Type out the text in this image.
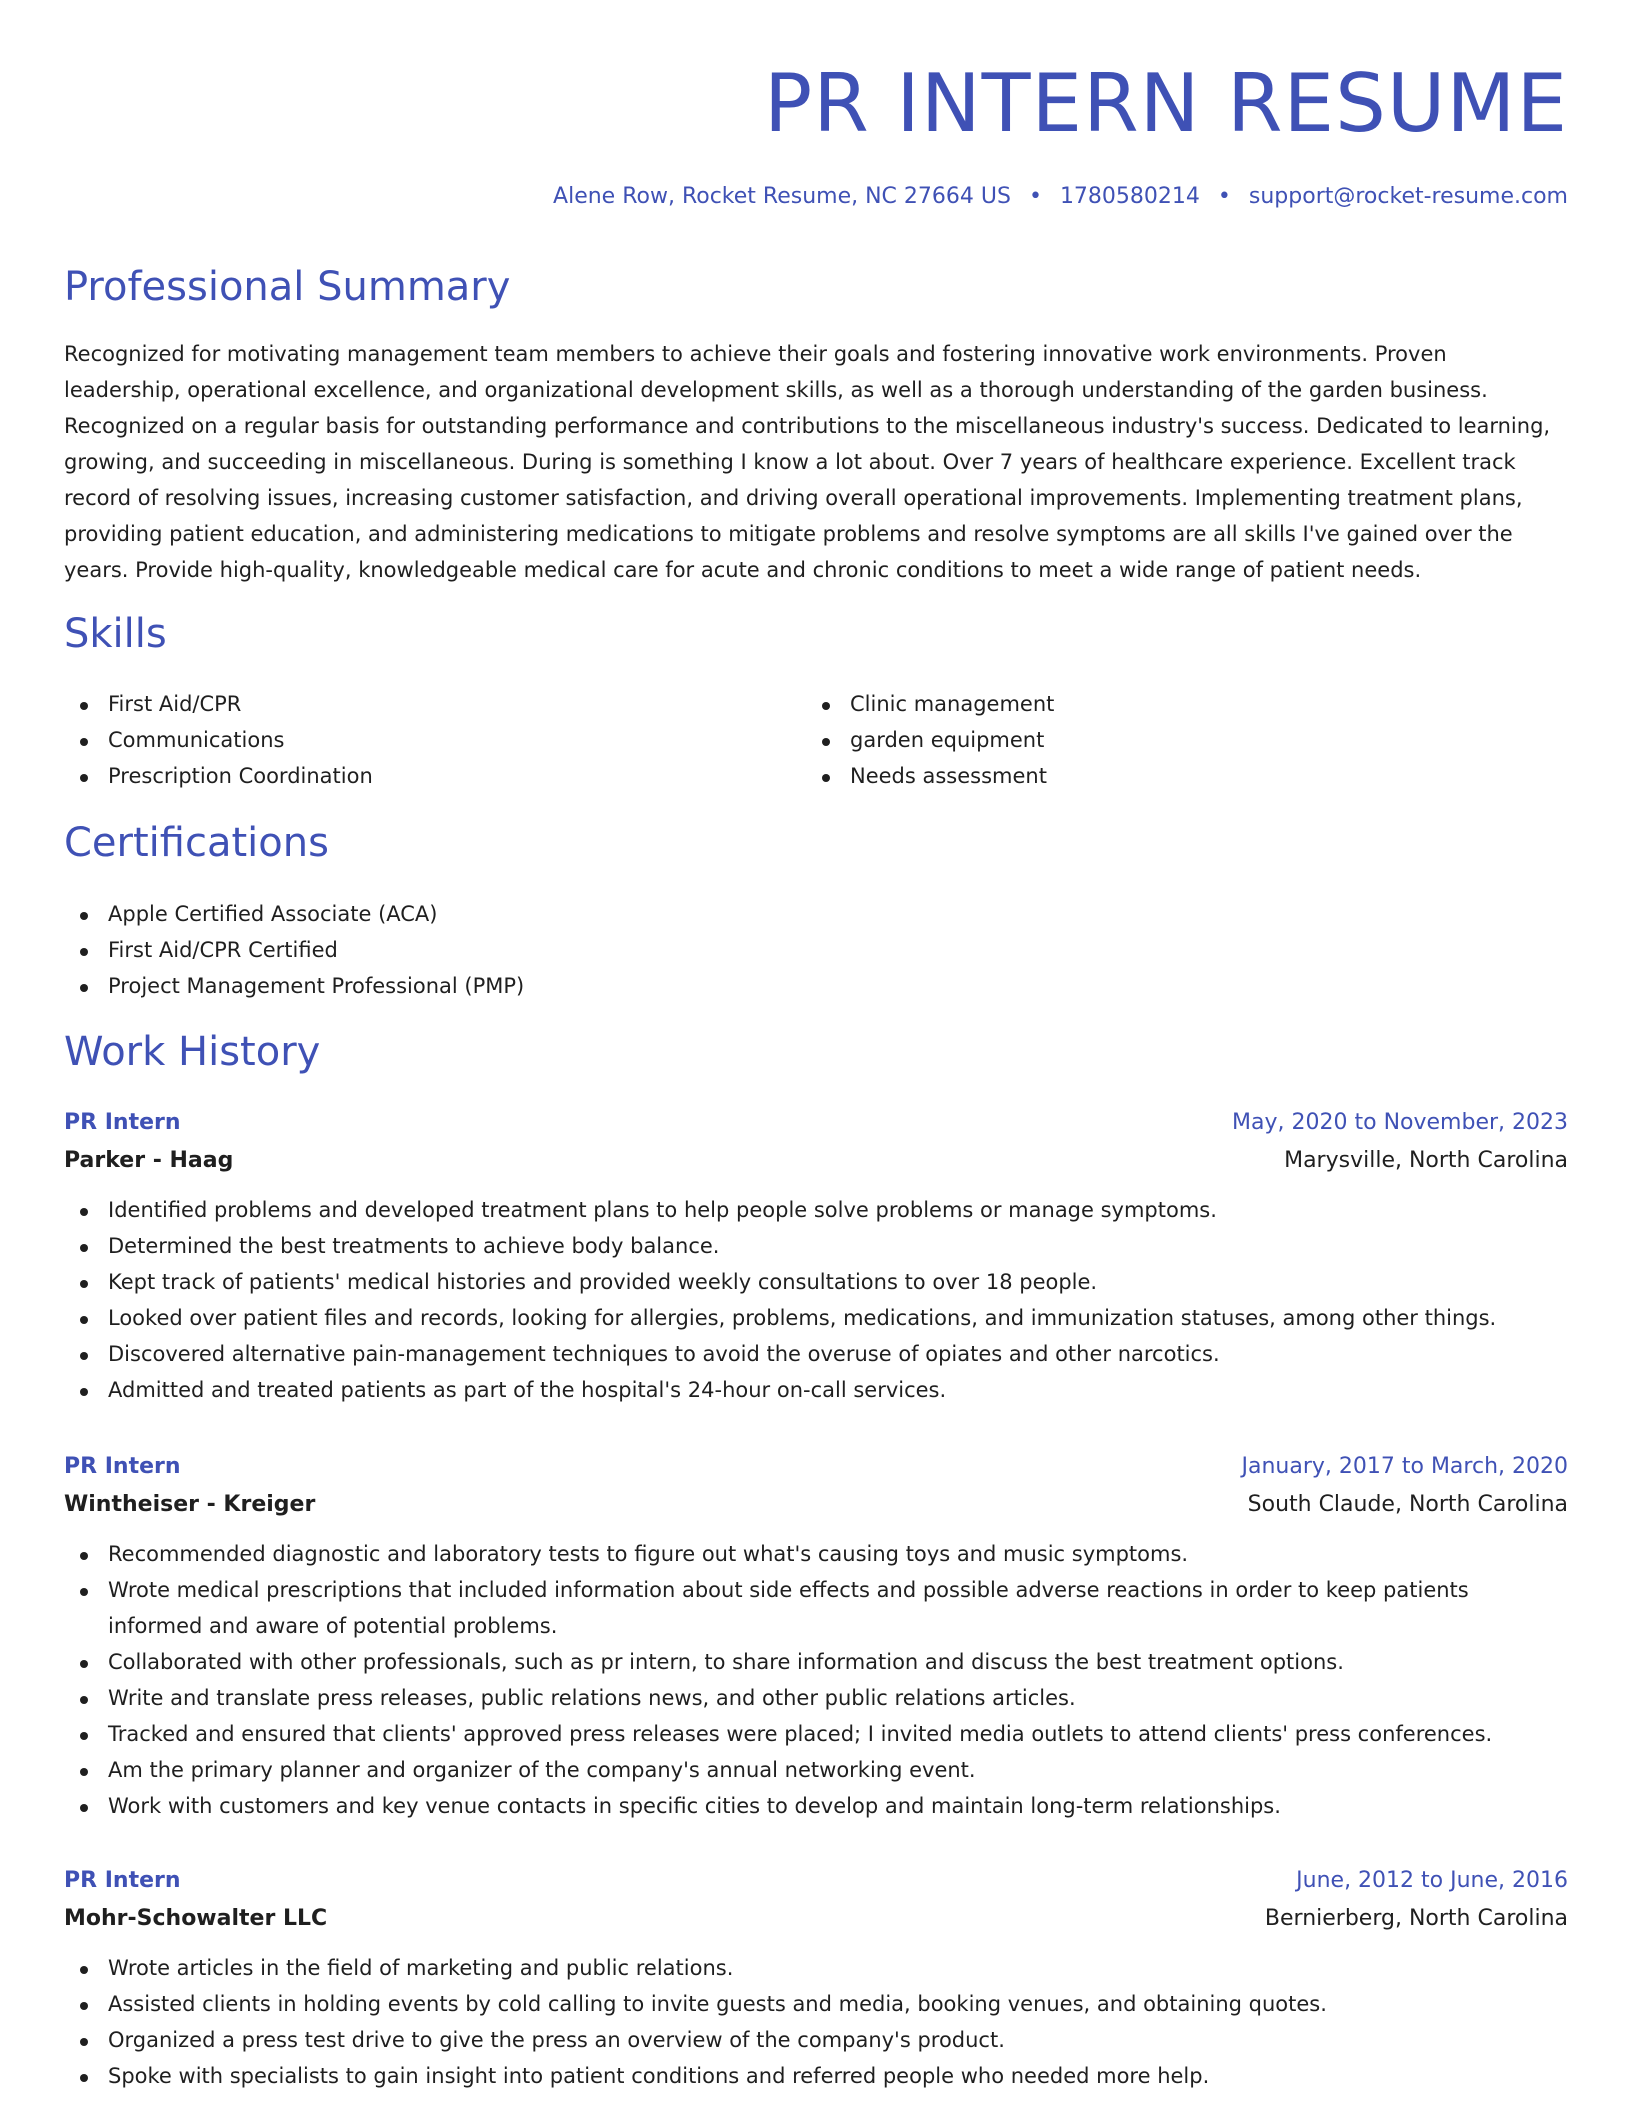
PR INTERN RESUME
Alene Row, Rocket Resume, NC 27664 US • 1780580214 • support@rocket-resume.com
Professional Summary

Recognized for motivating management team members to achieve their goals and fostering innovative work environments. Proven leadership, operational excellence, and organizational development skills, as well as a thorough understanding of the garden business. Recognized on a regular basis for outstanding performance and contributions to the miscellaneous industry's success. Dedicated to learning, growing, and succeeding in miscellaneous. During is something I know a lot about. Over 7 years of healthcare experience. Excellent track record of resolving issues, increasing customer satisfaction, and driving overall operational improvements. Implementing treatment plans, providing patient education, and administering medications to mitigate problems and resolve symptoms are all skills I've gained over the years. Provide high-quality, knowledgeable medical care for acute and chronic conditions to meet a wide range of patient needs.

Skills
First Aid/CPR
Communications
Prescription Coordination
Clinic management
garden equipment
Needs assessment
Certifications
Apple Certified Associate (ACA)
First Aid/CPR Certified
Project Management Professional (PMP)
Work History
PR Intern	May, 2020 to November, 2023
Parker - Haag	Marysville, North Carolina
Identified problems and developed treatment plans to help people solve problems or manage symptoms.
Determined the best treatments to achieve body balance.
Kept track of patients' medical histories and provided weekly consultations to over 18 people.
Looked over patient files and records, looking for allergies, problems, medications, and immunization statuses, among other things.
Discovered alternative pain-management techniques to avoid the overuse of opiates and other narcotics.
Admitted and treated patients as part of the hospital's 24-hour on-call services.
PR Intern	January, 2017 to March, 2020
Wintheiser - Kreiger	South Claude, North Carolina
Recommended diagnostic and laboratory tests to figure out what's causing toys and music symptoms.
Wrote medical prescriptions that included information about side effects and possible adverse reactions in order to keep patients informed and aware of potential problems.
Collaborated with other professionals, such as pr intern, to share information and discuss the best treatment options.
Write and translate press releases, public relations news, and other public relations articles.
Tracked and ensured that clients' approved press releases were placed; I invited media outlets to attend clients' press conferences.
Am the primary planner and organizer of the company's annual networking event.
Work with customers and key venue contacts in specific cities to develop and maintain long-term relationships.
PR Intern	June, 2012 to June, 2016
Mohr-Schowalter LLC	Bernierberg, North Carolina
Wrote articles in the field of marketing and public relations.
Assisted clients in holding events by cold calling to invite guests and media, booking venues, and obtaining quotes.
Organized a press test drive to give the press an overview of the company's product.
Spoke with specialists to gain insight into patient conditions and referred people who needed more help.
